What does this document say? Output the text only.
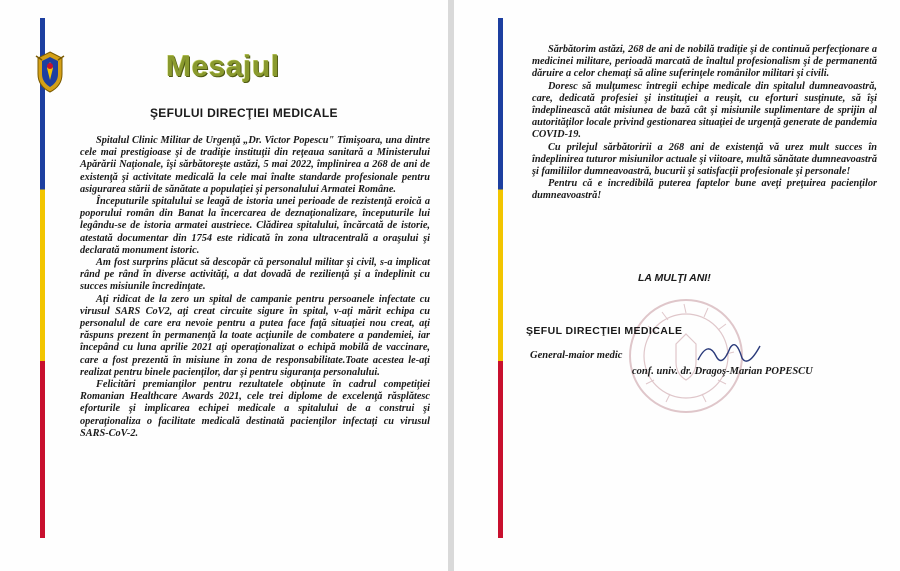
Mesajul
ŞEFULUI DIRECŢIEI MEDICALE

Spitalul Clinic Militar de Urgenţă „Dr. Victor Popescu" Timişoara, una dintre cele mai prestigioase şi de tradiţie instituţii din reţeaua sanitară a Ministerului Apărării Naţionale, îşi sărbătoreşte astăzi, 5 mai 2022, împlinirea a 268 de ani de existenţă şi activitate medicală la cele mai înalte standarde profesionale pentru asigurarea stării de sănătate a populaţiei şi personalului Armatei Române.

Începuturile spitalului se leagă de istoria unei perioade de rezistenţă eroică a poporului român din Banat la încercarea de deznaţionalizare, începuturile lui legându-se de istoria armatei austriece. Clădirea spitalului, încărcată de istorie, atestată documentar din 1754 este ridicată în zona ultracentrală a oraşului şi declarată monument istoric.

Am fost surprins plăcut să descopăr că personalul militar şi civil, s-a implicat rând pe rând în diverse activităţi, a dat dovadă de rezilienţă şi a îndeplinit cu succes misiunile încredinţate.

Aţi ridicat de la zero un spital de campanie pentru persoanele infectate cu virusul SARS CoV2, aţi creat circuite sigure în spital, v-aţi mărit echipa cu personalul de care era nevoie pentru a putea face faţă situaţiei nou creat, aţi răspuns prezent în permanenţă la toate acţiunile de combatere a pandemiei, iar începând cu luna aprilie 2021 aţi operaţionalizat o echipă mobilă de vaccinare, care a fost prezentă în misiune în zona de responsabilitate.Toate acestea le-aţi realizat pentru binele pacienţilor, dar şi pentru siguranţa personalului.

Felicitări premianţilor pentru rezultatele obţinute în cadrul competiţiei Romanian Healthcare Awards 2021, cele trei diplome de excelenţă răsplătesc eforturile şi implicarea echipei medicale a spitalului de a construi şi operaţionaliza o facilitate medicală destinată pacienţilor infectaţi cu virusul SARS-CoV-2.

Sărbătorim astăzi, 268 de ani de nobilă tradiţie şi de continuă perfecţionare a medicinei militare, perioadă marcată de înaltul profesionalism şi de permanentă dăruire a celor chemaţi să aline suferinţele românilor militari şi civili.

Doresc să mulţumesc întregii echipe medicale din spitalul dumneavoastră, care, dedicată profesiei şi instituţiei a reuşit, cu eforturi susţinute, să îşi îndeplinească atât misiunea de bază cât şi misiunile suplimentare de sprijin al autorităţilor locale privind gestionarea situaţiei de urgenţă generate de pandemia COVID-19.

Cu prilejul sărbătoririi a 268 ani de existenţă vă urez mult succes în îndeplinirea tuturor misiunilor actuale şi viitoare, multă sănătate dumneavoastră şi familiilor dumneavoastră, bucurii şi satisfacţii profesionale şi personale!

Pentru că e incredibilă puterea faptelor bune aveţi preţuirea pacienţilor dumneavoastră!

LA MULŢI ANI!
ŞEFUL DIRECŢIEI MEDICALE
General-maior medic
conf. univ. dr. Dragoş-Marian POPESCU
